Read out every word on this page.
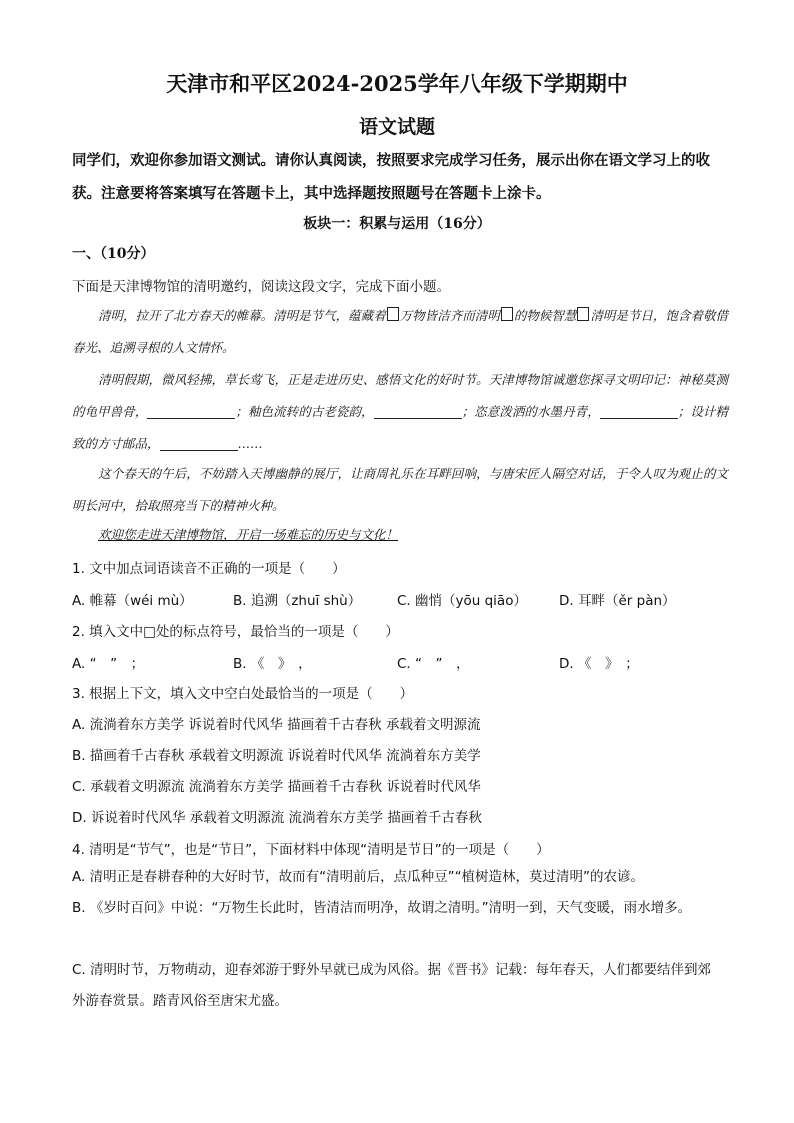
天津市和平区2024-2025学年八年级下学期期中
语文试题
同学们，欢迎你参加语文测试。请你认真阅读，按照要求完成学习任务，展示出你在语文学习上的收获。注意要将答案填写在答题卡上，其中选择题按照题号在答题卡上涂卡。
板块一：积累与运用（16分）
一、（10分）
下面是天津博物馆的清明邀约，阅读这段文字，完成下面小题。
清明，拉开了北方春天的帷幕。清明是节气，蕴藏着 万物皆洁齐而清明 的物候智慧 清明是节日，饱含着敬借春光、追溯寻根的人文情怀。
清明假期，微风轻拂，草长莺飞，正是走进历史、感悟文化的好时节。天津博物馆诚邀您探寻文明印记：神秘莫测的龟甲兽骨，	；釉色流转的古老瓷韵，	；恣意泼洒的水墨丹青，	；设计精致的方寸邮品，	……
这个春天的午后，不妨踏入天博幽静的展厅，让商周礼乐在耳畔回响，与唐宋匠人隔空对话，于令人叹为观止的文明长河中，拾取照亮当下的精神火种。
欢迎您走进天津博物馆，开启一场难忘的历史与文化！
1. 文中加点词语读音不正确的一项是（　　）
A. 帷幕（wéi mù）	B. 追溯（zhuī shù）	C. 幽悄（yōu qiāo） D. 耳畔（ěr pàn）
2. 填入文中□处的标点符号，最恰当的一项是（　　）
A. “　”　；	B. 《　》　，	C. “　”　，	D. 《　》　；
3. 根据上下文，填入文中空白处最恰当的一项是（　　）
A. 流淌着东方美学 诉说着时代风华 描画着千古春秋 承载着文明源流
B. 描画着千古春秋 承载着文明源流 诉说着时代风华 流淌着东方美学
C. 承载着文明源流 流淌着东方美学 描画着千古春秋 诉说着时代风华
D. 诉说着时代风华 承载着文明源流 流淌着东方美学 描画着千古春秋
4. 清明是“节气”，也是“节日”，下面材料中体现“清明是节日”的一项是（　　）
A. 清明正是春耕春种的大好时节，故而有“清明前后，点瓜种豆”“植树造林，莫过清明”的农谚。
B. 《岁时百问》中说：“万物生长此时，皆清洁而明净，故谓之清明。”清明一到，天气变暖，雨水增多。
C. 清明时节，万物萌动，迎春郊游于野外早就已成为风俗。据《晋书》记载：每年春天，人们都要结伴到郊外游春赏景。踏青风俗至唐宋尤盛。
